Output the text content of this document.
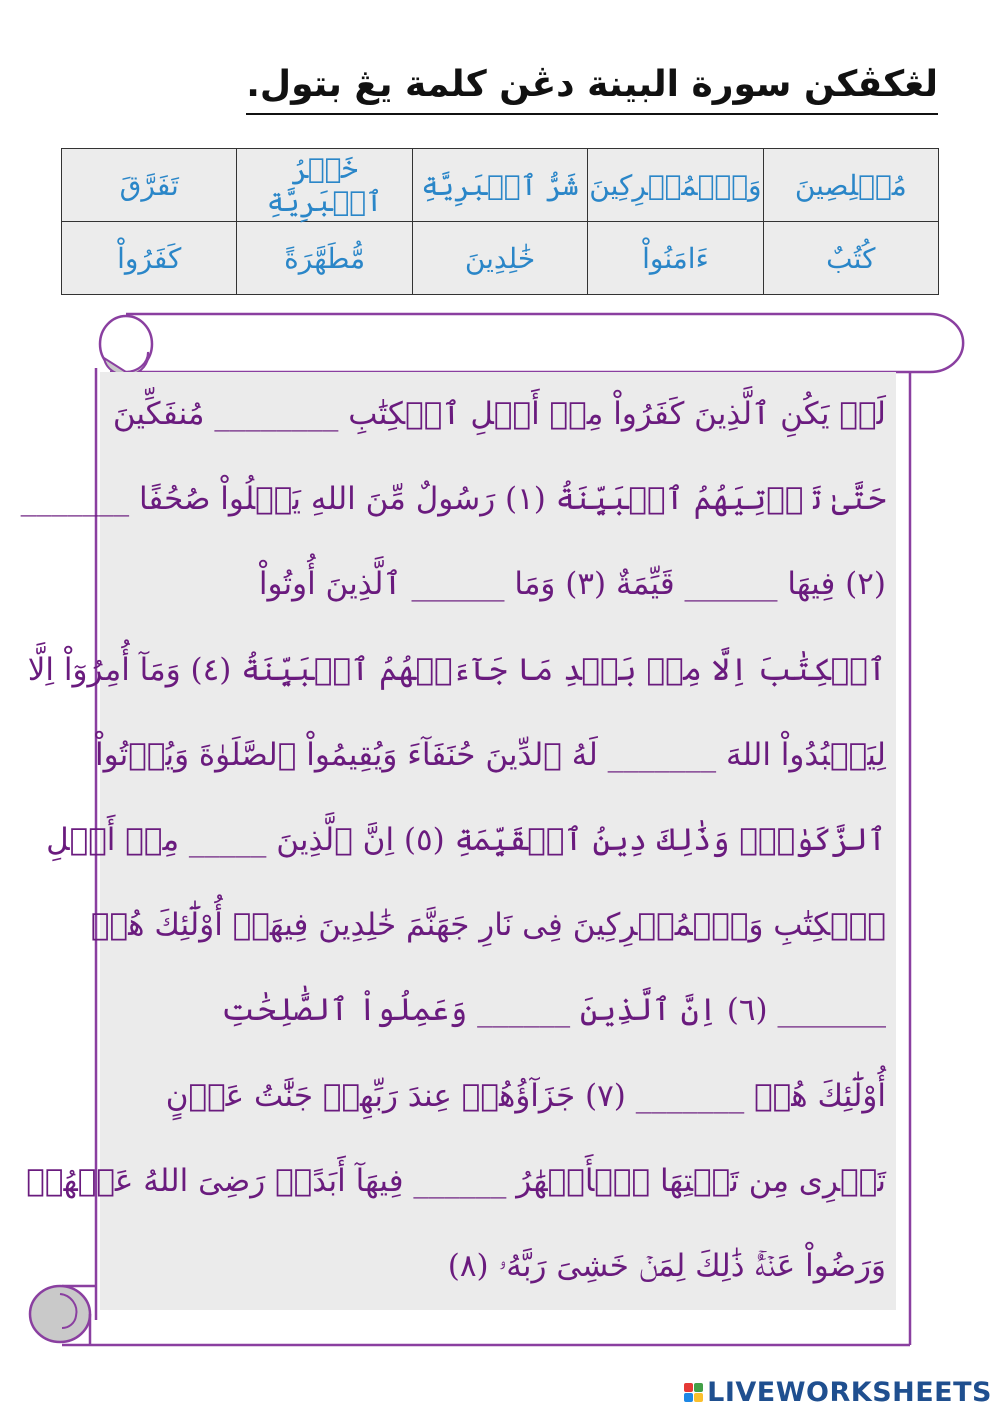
لڠكڤكن سورة البينة دڠن كلمة يڠ بتول.
مُخۡلِصِينَ	وَٱلۡمُشۡرِكِينَ	شَرُّ ٱلۡبَرِيَّةِ	خَيۡرُ ٱلۡبَرِيَّةِ	تَفَرَّقَ
كُتُبٌ	ءَامَنُواْ	خَٰلِدِينَ	مُّطَهَّرَةً	كَفَرُواْ
لَمۡ يَكُنِ ٱلَّذِينَ كَفَرُواْ مِنۡ أَهۡلِ ٱلۡكِتَٰبِ ________ مُنفَكِّينَ
حَتَّىٰ تَأۡتِيَهُمُ ٱلۡبَيِّنَةُ (١) رَسُولٌ مِّنَ اللهِ يَتۡلُواْ صُحُفًا _______
(٢) فِيهَا ______ قَيِّمَةٌ (٣) وَمَا ______ ٱلَّذِينَ أُوتُواْ
ٱلۡكِتَٰبَ اِلَّا مِنۡ بَعۡدِ مَا جَآءَتۡهُمُ ٱلۡبَيِّنَةُ (٤) وَمَآ أُمِرُوٓاْ اِلَّا
لِيَعۡبُدُواْ اللهَ _______ لَهُ ٱلدِّينَ حُنَفَآءَ وَيُقِيمُواْ ٱلصَّلَوٰةَ وَيُؤۡتُواْ
ٱلزَّكَوٰةَۚ وَذَٰلِكَ دِينُ ٱلۡقَيِّمَةِ (٥) اِنَّ ٱلَّذِينَ _____ مِنۡ أَهۡلِ
ٱلۡكِتَٰبِ وَٱلۡمُشۡرِكِينَ فِى نَارِ جَهَنَّمَ خَٰلِدِينَ فِيهَآۚ أُوْلَٰٓئِكَ هُمۡ
_______ (٦) اِنَّ ٱلَّذِينَ ______ وَعَمِلُواْ ٱلصَّٰلِحَٰتِ
أُوْلَٰٓئِكَ هُمۡ _______ (٧) جَزَآؤُهُمۡ عِندَ رَبِّهِمۡ جَنَّٰتُ عَدۡنٍ
تَجۡرِى مِن تَحۡتِهَا ٱلۡأَنۡهَٰرُ ______ فِيهَآ أَبَدًاۖ رَضِىَ اللهُ عَنۡهُمۡ
وَرَضُواْ عَنۡهُۚ ذَٰلِكَ لِمَنۡ خَشِىَ رَبَّهُۥ (٨)
LIVEWORKSHEETS
